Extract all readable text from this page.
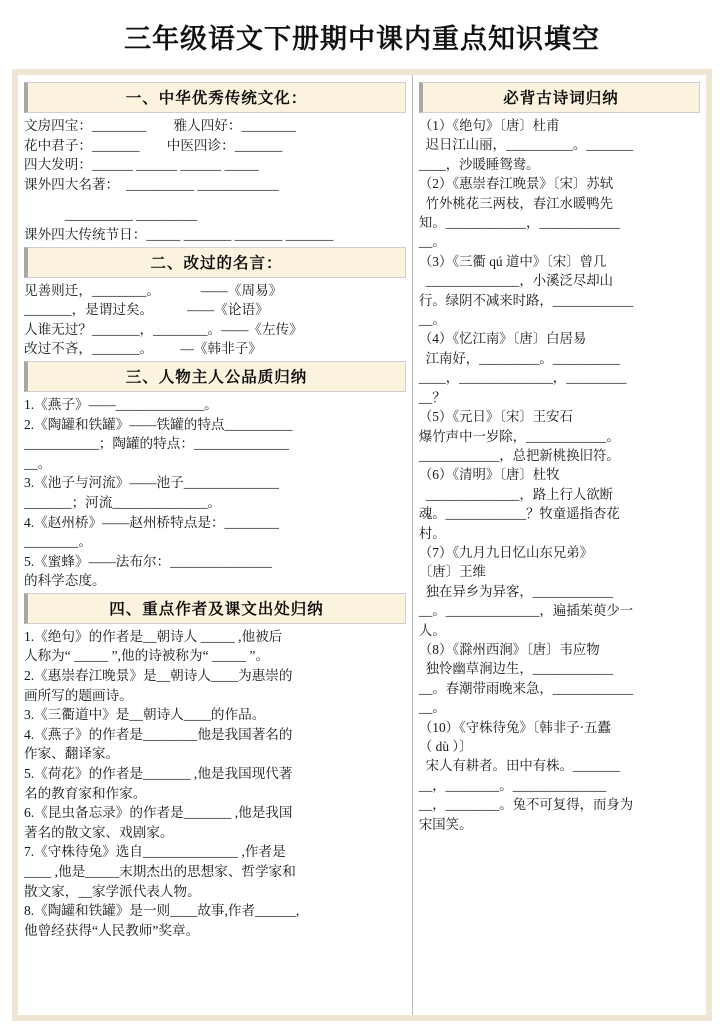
三年级语文下册期中课内重点知识填空
一、中华优秀传统文化：
文房四宝：________        雅人四好：________
花中君子：_______        中医四诊：_______
四大发明：______ ______ ______ _____
课外四大名著：  __________ ____________
__________ _________
课外四大传统节日：_____ _______ _______ _______
二、改过的名言：
见善则迁，________。            ——《周易》
_______，是谓过矣。          ——《论语》
人谁无过？_______，________。——《左传》
改过不吝，_______。        —《韩非子》
三、人物主人公品质归纳
1.《燕子》——_____________。
2.《陶罐和铁罐》——铁罐的特点__________
___________；陶罐的特点：______________
__。
3.《池子与河流》——池子______________
_______；河流______________。
4.《赵州桥》——赵州桥特点是：________
________。
5.《蜜蜂》——法布尔：_______________
的科学态度。
四、重点作者及课文出处归纳
1.《绝句》的作者是__朝诗人 _____ ,他被后
人称为“ _____ ”,他的诗被称为“ _____ ”。
2.《惠崇春江晚景》是__朝诗人____为惠崇的
画所写的题画诗。
3.《三衢道中》是__朝诗人____的作品。
4.《燕子》的作者是________他是我国著名的
作家、翻译家。
5.《荷花》的作者是_______ ,他是我国现代著
名的教育家和作家。
6.《昆虫备忘录》的作者是_______ ,他是我国
著名的散文家、戏剧家。
7.《守株待兔》选自______________ ,作者是
____ ,他是_____末期杰出的思想家、哲学家和
散文家，__家学派代表人物。
8.《陶罐和铁罐》是一则____故事,作者______,
他曾经获得“人民教师”奖章。
必背古诗词归纳
（1）《绝句》〔唐〕杜甫
迟日江山丽，__________。_______
____，沙暖睡鸳鸯。
（2）《惠崇春江晚景》〔宋〕苏轼
竹外桃花三两枝，春江水暖鸭先
知。____________，____________
__。
（3）《三衢 qú 道中》〔宋〕曾几
______________，小溪泛尽却山
行。绿阴不减来时路，____________
__。
（4）《忆江南》〔唐〕白居易
江南好，_________。__________
____，______________，_________
__？
（5）《元日》〔宋〕王安石
爆竹声中一岁除，____________。
____________，总把新桃换旧符。
（6）《清明》〔唐〕杜牧
______________，路上行人欲断
魂。____________？牧童遥指杏花
村。
（7）《九月九日忆山东兄弟》
〔唐〕王维
独在异乡为异客，____________
__。______________，遍插茱萸少一
人。
（8）《滁州西涧》〔唐〕韦应物
独怜幽草涧边生，____________
__。春潮带雨晚来急，____________
__。
（10）《守株待兔》〔韩非子·五蠹
（ dù ）〕
宋人有耕者。田中有株。_______
__，________。______________
__，________。兔不可复得，而身为
宋国笑。
